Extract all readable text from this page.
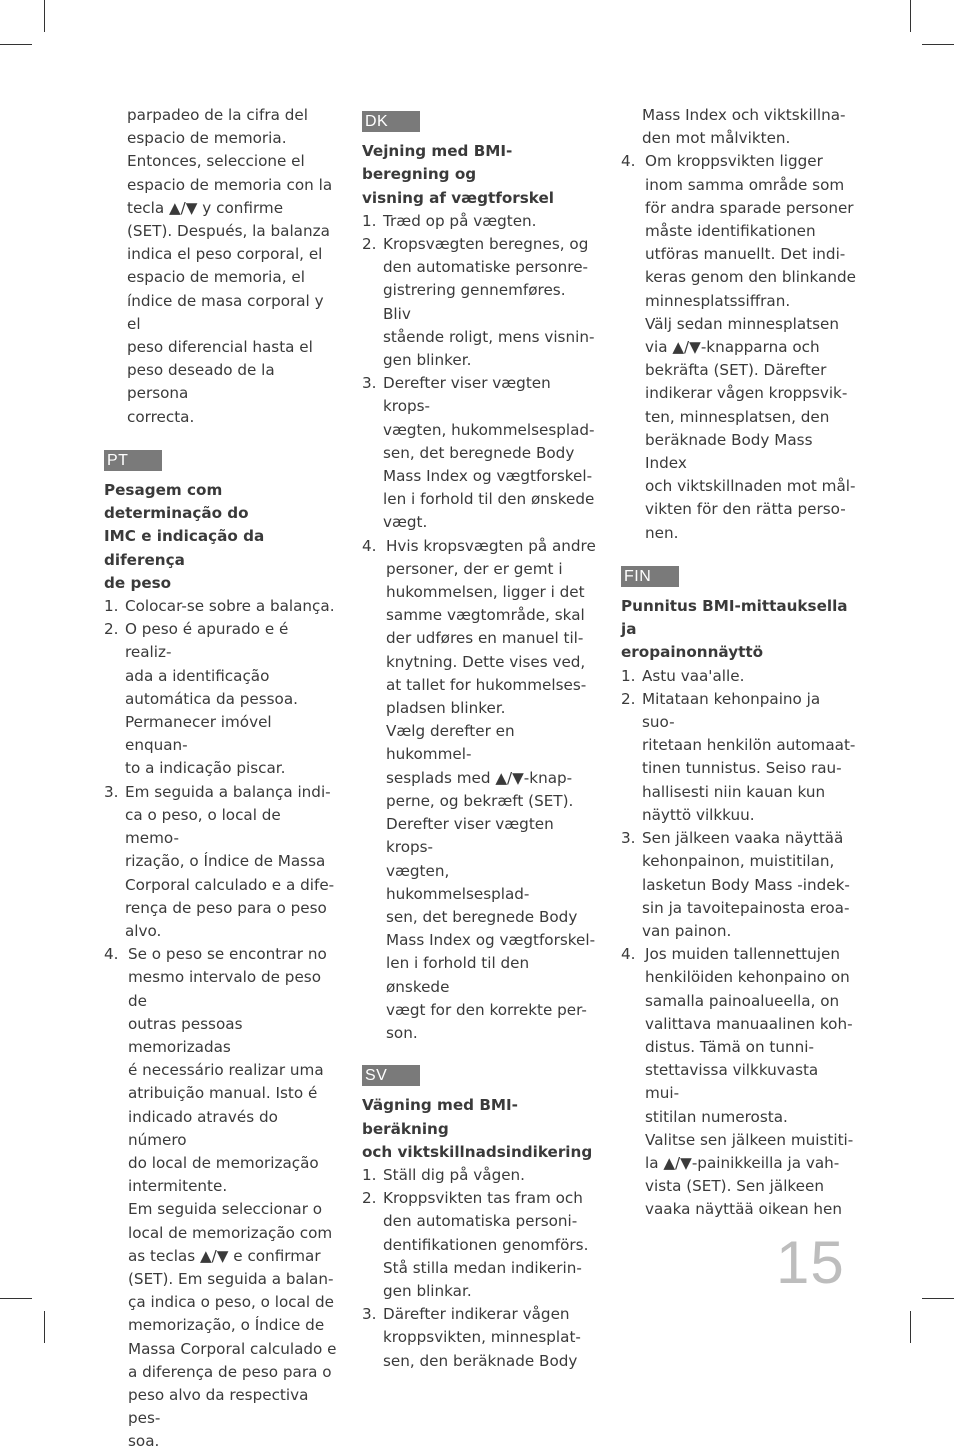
parpadeo de la cifra del

espacio de memoria.

Entonces, seleccione el

espacio de memoria con la

tecla ▲/▼ y confirme

(SET). Después, la balanza

indica el peso corporal, el

espacio de memoria, el

índice de masa corporal y el

peso diferencial hasta el

peso deseado de la persona

correcta.

PT

Pesagem com determinação do

IMC e indicação da diferença

de peso

1. Colocar-se sobre a balança.

2. O peso é apurado e é realiz-

ada a identificação

automática da pessoa.

Permanecer imóvel enquan-

to a indicação piscar.

3. Em seguida a balança indi-

ca o peso, o local de memo-

rização, o Índice de Massa

Corporal calculado e a dife-

rença de peso para o peso

alvo.

4. Se o peso se encontrar no

mesmo intervalo de peso de

outras pessoas memorizadas

é necessário realizar uma

atribuição manual. Isto é

indicado através do número

do local de memorização

intermitente.

Em seguida seleccionar o

local de memorização com

as teclas ▲/▼ e confirmar

(SET). Em seguida a balan-

ça indica o peso, o local de

memorização, o Índice de

Massa Corporal calculado e

a diferença de peso para o

peso alvo da respectiva pes-

soa.

DK

Vejning med BMI-beregning og

visning af vægtforskel

1. Træd op på vægten.

2. Kropsvægten beregnes, og

den automatiske personre-

gistrering gennemføres. Bliv

stående roligt, mens visnin-

gen blinker.

3. Derefter viser vægten krops-

vægten, hukommelsesplad-

sen, det beregnede Body

Mass Index og vægtforskel-

len i forhold til den ønskede

vægt.

4. Hvis kropsvægten på andre

personer, der er gemt i

hukommelsen, ligger i det

samme vægtområde, skal

der udføres en manuel til-

knytning. Dette vises ved,

at tallet for hukommelses-

pladsen blinker.

Vælg derefter en hukommel-

sesplads med ▲/▼-knap-

perne, og bekræft (SET).

Derefter viser vægten krops-

vægten, hukommelsesplad-

sen, det beregnede Body

Mass Index og vægtforskel-

len i forhold til den ønskede

vægt for den korrekte per-

son.

SV

Vägning med BMI-beräkning

och viktskillnadsindikering

1. Ställ dig på vågen.

2. Kroppsvikten tas fram och

den automatiska personi-

dentifikationen genomförs.

Stå stilla medan indikerin-

gen blinkar.

3. Därefter indikerar vågen

kroppsvikten, minnesplat-

sen, den beräknade Body

Mass Index och viktskillna-

den mot målvikten.

4. Om kroppsvikten ligger

inom samma område som

för andra sparade personer

måste identifikationen

utföras manuellt. Det indi-

keras genom den blinkande

minnesplatssiffran.

Välj sedan minnesplatsen

via ▲/▼-knapparna och

bekräfta (SET). Därefter

indikerar vågen kroppsvik-

ten, minnesplatsen, den

beräknade Body Mass Index

och viktskillnaden mot mål-

vikten för den rätta perso-

nen.

FIN

Punnitus BMI-mittauksella ja

eropainonnäyttö

1. Astu vaa'alle.

2. Mitataan kehonpaino ja suo-

ritetaan henkilön automaat-

tinen tunnistus. Seiso rau-

hallisesti niin kauan kun

näyttö vilkkuu.

3. Sen jälkeen vaaka näyttää

kehonpainon, muistitilan,

lasketun Body Mass -indek-

sin ja tavoitepainosta eroa-

van painon.

4. Jos muiden tallennettujen

henkilöiden kehonpaino on

samalla painoalueella, on

valittava manuaalinen koh-

distus. Tämä on tunni-

stettavissa vilkkuvasta mui-

stitilan numerosta.

Valitse sen jälkeen muistiti-

la ▲/▼-painikkeilla ja vah-

vista (SET). Sen jälkeen

vaaka näyttää oikean hen

15
